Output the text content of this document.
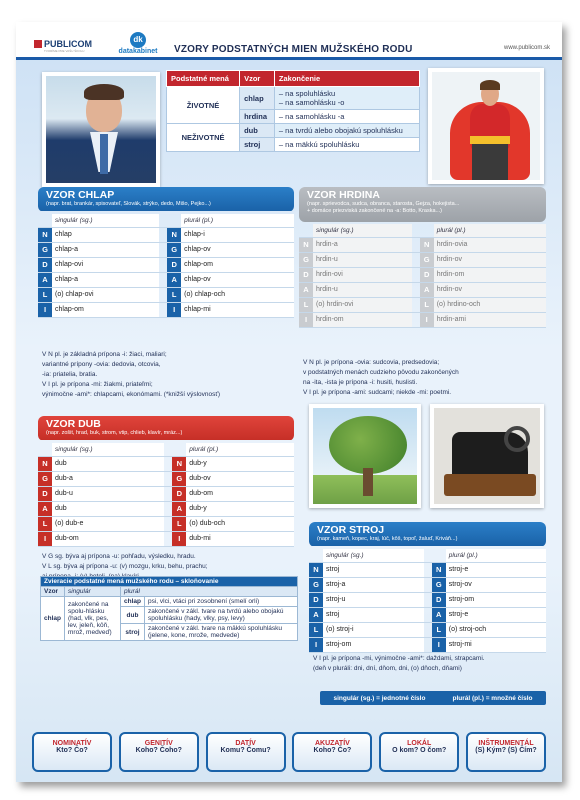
PUBLICOM
TVORÍME PRE VAŠU ŠKOLU
dk
datakabinet	VZORY PODSTATNÝCH MIEN MUŽSKÉHO RODU	www.publicom.sk
Podstatné mená	Vzor	Zakončenie
ŽIVOTNÉ	chlap	– na spoluhlásku
– na samohlásku -o
	hrdina	– na samohlásku -a
NEŽIVOTNÉ	dub	– na tvrdú alebo obojakú spoluhlásku
	stroj	– na mäkkú spoluhlásku
VZOR CHLAP
(napr. brat, brankár, spisovateľ, Slovák, strýko, dedo, Mišo, Pejko...)
	singulár (sg.)			plurál (pl.)
N	chlap		N	chlap-i
G	chlap-a		G	chlap-ov
D	chlap-ovi		D	chlap-om
A	chlap-a		A	chlap-ov
L	(o) chlap-ovi		L	(o) chlap-och
I	chlap-om		I	chlap-mi
V N pl. je základná prípona -i: žiaci, maliari;
variantné prípony -ovia: dedovia, otcovia,
-ia: priatelia, bratia.
V I pl. je prípona -mi: žiakmi, priateľmi;
výnimočne -ami*: chlapcami, ekonómami. (*knižší výslovnosť)
VZOR HRDINA
(napr. sprievodca, sudca, obranca, starosta, Gejza, hokejista...
+ domáce priezviská zakončené na -a: Botto, Kraska...)
	singulár (sg.)			plurál (pl.)
N	hrdin-a		N	hrdin-ovia
G	hrdin-u		G	hrdin-ov
D	hrdin-ovi		D	hrdin-om
A	hrdin-u		A	hrdin-ov
L	(o) hrdin-ovi		L	(o) hrdino-och
I	hrdin-om		I	hrdin-ami
V N pl. je prípona -ovia: sudcovia, predsedovia;
v podstatných menách cudzieho pôvodu zakončených
na -ita, -ista je prípona -i: husiti, huslisti.
V I pl. je prípona -ami: sudcami; niekde -mi: poetmi.
VZOR DUB
(napr. zošit, hrad, buk, strom, vtip, chlieb, klavír, mráz...)
	singulár (sg.)			plurál (pl.)
N	dub		N	dub-y
G	dub-a		G	dub-ov
D	dub-u		D	dub-om
A	dub		A	dub-y
L	(o) dub-e		L	(o) dub-och
I	dub-om		I	dub-mi
V G sg. býva aj prípona -u: pohľadu, výsledku, hradu.
V L sg. býva aj prípona -u: (v) mozgu, krku, behu, prachu;
VZOR STROJ
(napr. kameň, kopec, kraj, lúč, kôš, topoľ, žaluď, Kriváň...)
	singulár (sg.)			plurál (pl.)
N	stroj		N	stroj-e
G	stroj-a		G	stroj-ov
D	stroj-u		D	stroj-om
A	stroj		A	stroj-e
L	(o) stroj-i		L	(o) stroj-och
I	stroj-om		I	stroj-mi
V I pl. je prípona -mi, výnimočne -ami*: daždami, strapcami.
(deň v pluráli: dni, dní, dňom, dni, (o) dňoch, dňami)
singulár (sg.) = jednotné číslo	plurál (pl.) = množné číslo
Zvieracie podstatné mená mužského rodu – skloňovanie			
Vzor	singulár	plurál	
chlap	zakončené na spolu-hlásku (had, vlk, pes, lev, jeleň, kôň, mrož, medveď)	chlap	psi, vlci, vtáci pri zosobnení (smelí orli)
		dub	zakončené v zákl. tvare na tvrdú alebo obojakú spoluhlásku (hady, vlky, psy, levy)
		stroj	zakončené v zákl. tvare na mäkkú spoluhlásku (jelene, kone, mrože, medvede)
NOMINATÍV
Kto? Čo?
GENITÍV
Koho? Čoho?
DATÍV
Komu? Čomu?
AKUZATÍV
Koho? Čo?
LOKÁL
O kom? O čom?
INŠTRUMENTÁL
(S) Kým? (S) Čím?
